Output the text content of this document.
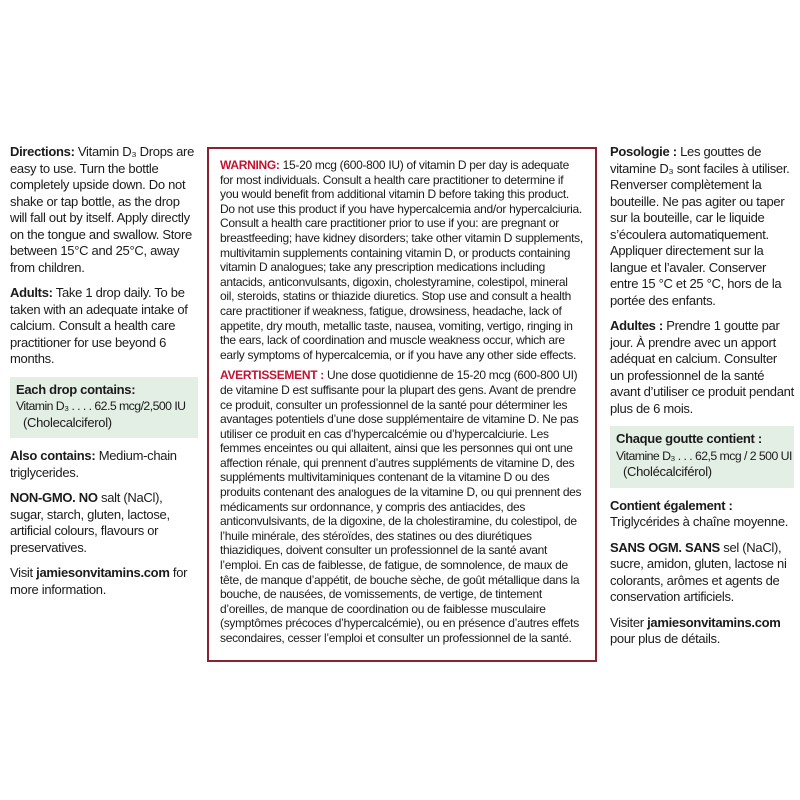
Directions: Vitamin D₃ Drops are easy to use. Turn the bottle completely upside down. Do not shake or tap bottle, as the drop will fall out by itself. Apply directly on the tongue and swallow. Store between 15°C and 25°C, away from children.

Adults: Take 1 drop daily. To be taken with an adequate intake of calcium. Consult a health care practitioner for use beyond 6 months.

Each drop contains:
Vitamin D₃ . . . . 62.5 mcg/2,500 IU
(Cholecalciferol)

Also contains: Medium-chain triglycerides.

NON-GMO. NO salt (NaCl), sugar, starch, gluten, lactose, artificial colours, flavours or preservatives.

Visit jamiesonvitamins.com for more information.

WARNING: 15-20 mcg (600-800 IU) of vitamin D per day is adequate for most individuals. Consult a health care practitioner to determine if you would benefit from additional vitamin D before taking this product. Do not use this product if you have hypercalcemia and/or hypercalciuria. Consult a health care practitioner prior to use if you: are pregnant or breastfeeding; have kidney disorders; take other vitamin D supplements, multivitamin supplements containing vitamin D, or products containing vitamin D analogues; take any prescription medications including antacids, anticonvulsants, digoxin, cholestyramine, colestipol, mineral oil, steroids, statins or thiazide diuretics. Stop use and consult a health care practitioner if weakness, fatigue, drowsiness, headache, lack of appetite, dry mouth, metallic taste, nausea, vomiting, vertigo, ringing in the ears, lack of coordination and muscle weakness occur, which are early symptoms of hypercalcemia, or if you have any other side effects.

AVERTISSEMENT : Une dose quotidienne de 15-20 mcg (600-800 UI) de vitamine D est suffisante pour la plupart des gens. Avant de prendre ce produit, consulter un professionnel de la santé pour déterminer les avantages potentiels d’une dose supplémentaire de vitamine D. Ne pas utiliser ce produit en cas d’hypercalcémie ou d’hypercalciurie. Les femmes enceintes ou qui allaitent, ainsi que les personnes qui ont une affection rénale, qui prennent d’autres suppléments de vitamine D, des suppléments multivitaminiques contenant de la vitamine D ou des produits contenant des analogues de la vitamine D, ou qui prennent des médicaments sur ordonnance, y compris des antiacides, des anticonvulsivants, de la digoxine, de la cholestiramine, du colestipol, de l’huile minérale, des stéroïdes, des statines ou des diurétiques thiazidiques, doivent consulter un professionnel de la santé avant l’emploi. En cas de faiblesse, de fatigue, de somnolence, de maux de tête, de manque d’appétit, de bouche sèche, de goût métallique dans la bouche, de nausées, de vomissements, de vertige, de tintement d’oreilles, de manque de coordination ou de faiblesse musculaire (symptômes précoces d’hypercalcémie), ou en présence d’autres effets secondaires, cesser l’emploi et consulter un professionnel de la santé.

Posologie : Les gouttes de vitamine D₃ sont faciles à utiliser. Renverser complètement la bouteille. Ne pas agiter ou taper sur la bouteille, car le liquide s’écoulera automatiquement. Appliquer directement sur la langue et l’avaler. Conserver entre 15 °C et 25 °C, hors de la portée des enfants.

Adultes : Prendre 1 goutte par jour. À prendre avec un apport adéquat en calcium. Consulter un professionnel de la santé avant d’utiliser ce produit pendant plus de 6 mois.

Chaque goutte contient :
Vitamine D₃ . . . 62,5 mcg / 2 500 UI
(Cholécalciférol)

Contient également : Triglycérides à chaîne moyenne.

SANS OGM. SANS sel (NaCl), sucre, amidon, gluten, lactose ni colorants, arômes et agents de conservation artificiels.

Visiter jamiesonvitamins.com pour plus de détails.
